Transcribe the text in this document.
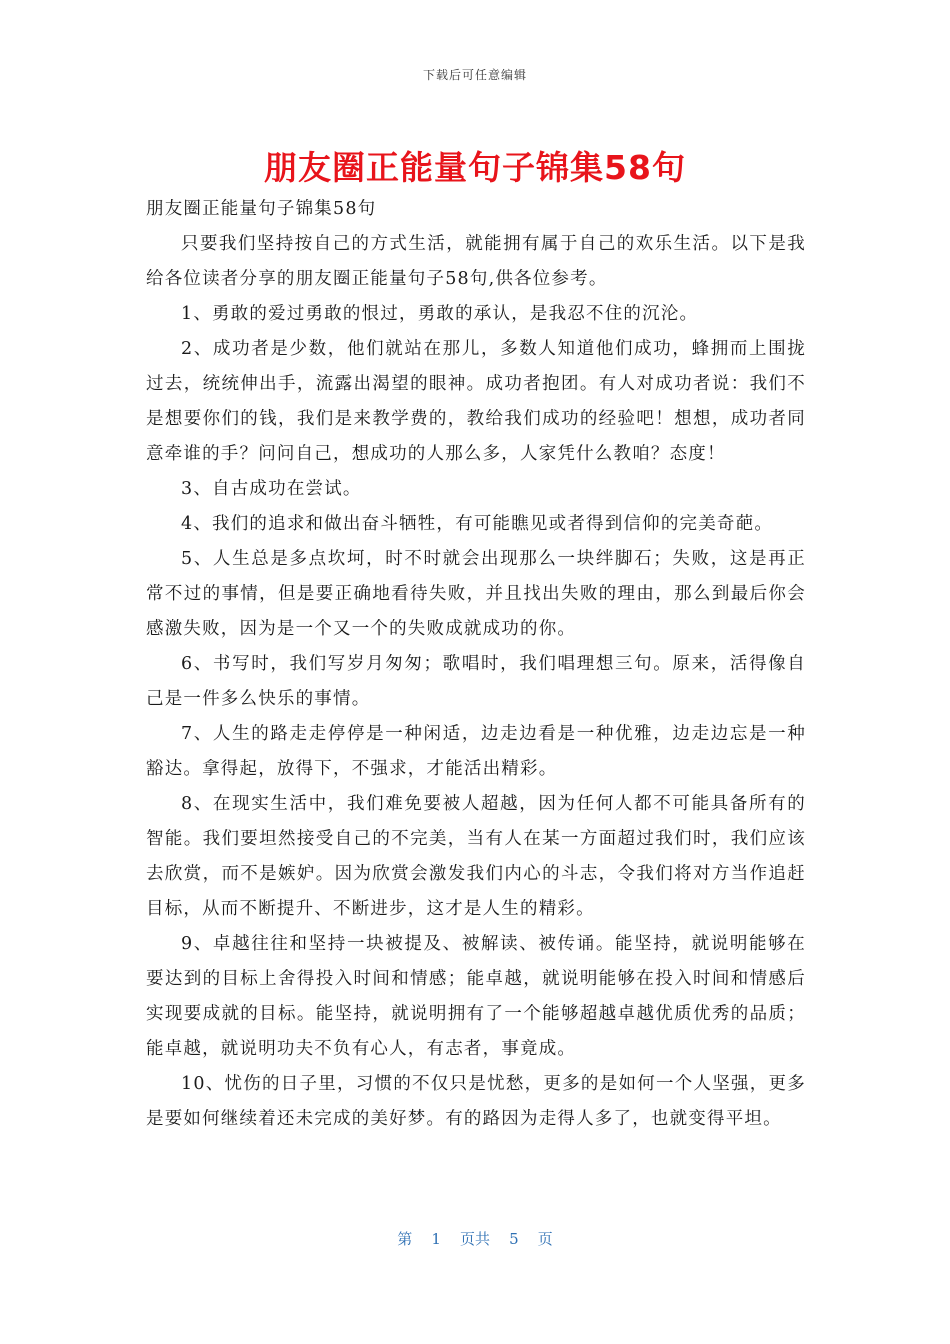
下载后可任意编辑
朋友圈正能量句子锦集58句

朋友圈正能量句子锦集58句

只要我们坚持按自己的方式生活，就能拥有属于自己的欢乐生活。以下是我给各位读者分享的朋友圈正能量句子58句,供各位参考。

1、勇敢的爱过勇敢的恨过，勇敢的承认，是我忍不住的沉沦。

2、成功者是少数，他们就站在那儿，多数人知道他们成功，蜂拥而上围拢过去，统统伸出手，流露出渴望的眼神。成功者抱团。有人对成功者说：我们不是想要你们的钱，我们是来教学费的，教给我们成功的经验吧！想想，成功者同意牵谁的手？问问自己，想成功的人那么多，人家凭什么教咱？态度！

3、自古成功在尝试。

4、我们的追求和做出奋斗牺牲，有可能瞧见或者得到信仰的完美奇葩。

5、人生总是多点坎坷，时不时就会出现那么一块绊脚石；失败，这是再正常不过的事情，但是要正确地看待失败，并且找出失败的理由，那么到最后你会感激失败，因为是一个又一个的失败成就成功的你。

6、书写时，我们写岁月匆匆；歌唱时，我们唱理想三句。原来，活得像自己是一件多么快乐的事情。

7、人生的路走走停停是一种闲适，边走边看是一种优雅，边走边忘是一种豁达。拿得起，放得下，不强求，才能活出精彩。

8、在现实生活中，我们难免要被人超越，因为任何人都不可能具备所有的智能。我们要坦然接受自己的不完美，当有人在某一方面超过我们时，我们应该去欣赏，而不是嫉妒。因为欣赏会激发我们内心的斗志，令我们将对方当作追赶目标，从而不断提升、不断进步，这才是人生的精彩。

9、卓越往往和坚持一块被提及、被解读、被传诵。能坚持，就说明能够在要达到的目标上舍得投入时间和情感；能卓越，就说明能够在投入时间和情感后实现要成就的目标。能坚持，就说明拥有了一个能够超越卓越优质优秀的品质；能卓越，就说明功夫不负有心人，有志者，事竟成。

10、忧伤的日子里，习惯的不仅只是忧愁，更多的是如何一个人坚强，更多是要如何继续着还未完成的美好梦。有的路因为走得人多了，也就变得平坦。

第 1 页共 5 页
